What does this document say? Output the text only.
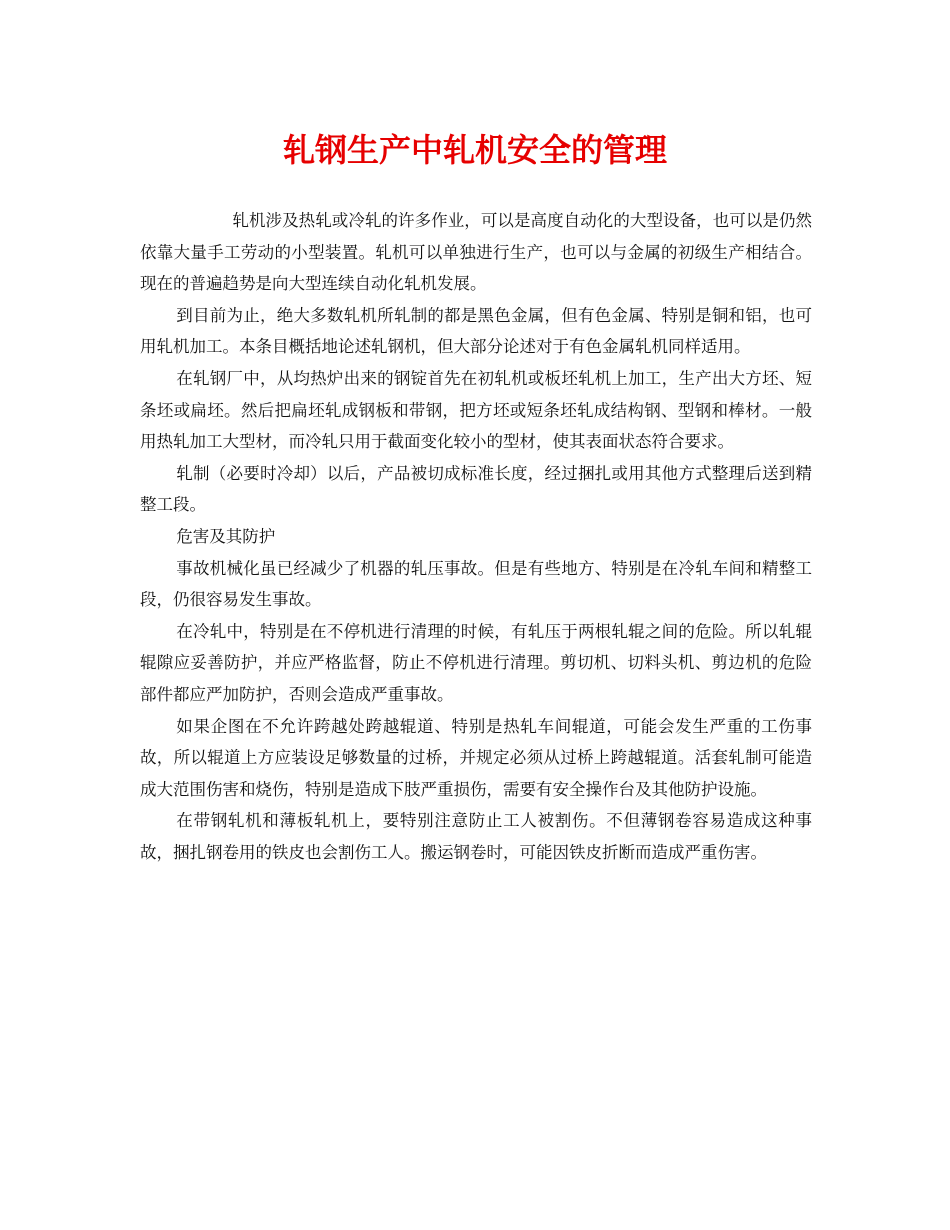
轧钢生产中轧机安全的管理

轧机涉及热轧或冷轧的许多作业，可以是高度自动化的大型设备，也可以是仍然依靠大量手工劳动的小型装置。轧机可以单独进行生产，也可以与金属的初级生产相结合。现在的普遍趋势是向大型连续自动化轧机发展。

到目前为止，绝大多数轧机所轧制的都是黑色金属，但有色金属、特别是铜和铝，也可用轧机加工。本条目概括地论述轧钢机，但大部分论述对于有色金属轧机同样适用。

在轧钢厂中，从均热炉出来的钢锭首先在初轧机或板坯轧机上加工，生产出大方坯、短条坯或扁坯。然后把扁坯轧成钢板和带钢，把方坯或短条坯轧成结构钢、型钢和棒材。一般用热轧加工大型材，而冷轧只用于截面变化较小的型材，使其表面状态符合要求。

轧制（必要时冷却）以后，产品被切成标准长度，经过捆扎或用其他方式整理后送到精整工段。

危害及其防护

事故机械化虽已经减少了机器的轧压事故。但是有些地方、特别是在冷轧车间和精整工段，仍很容易发生事故。

在冷轧中，特别是在不停机进行清理的时候，有轧压于两根轧辊之间的危险。所以轧辊辊隙应妥善防护，并应严格监督，防止不停机进行清理。剪切机、切料头机、剪边机的危险部件都应严加防护，否则会造成严重事故。

如果企图在不允许跨越处跨越辊道、特别是热轧车间辊道，可能会发生严重的工伤事故，所以辊道上方应装设足够数量的过桥，并规定必须从过桥上跨越辊道。活套轧制可能造成大范围伤害和烧伤，特别是造成下肢严重损伤，需要有安全操作台及其他防护设施。

在带钢轧机和薄板轧机上，要特别注意防止工人被割伤。不但薄钢卷容易造成这种事故，捆扎钢卷用的铁皮也会割伤工人。搬运钢卷时，可能因铁皮折断而造成严重伤害。
